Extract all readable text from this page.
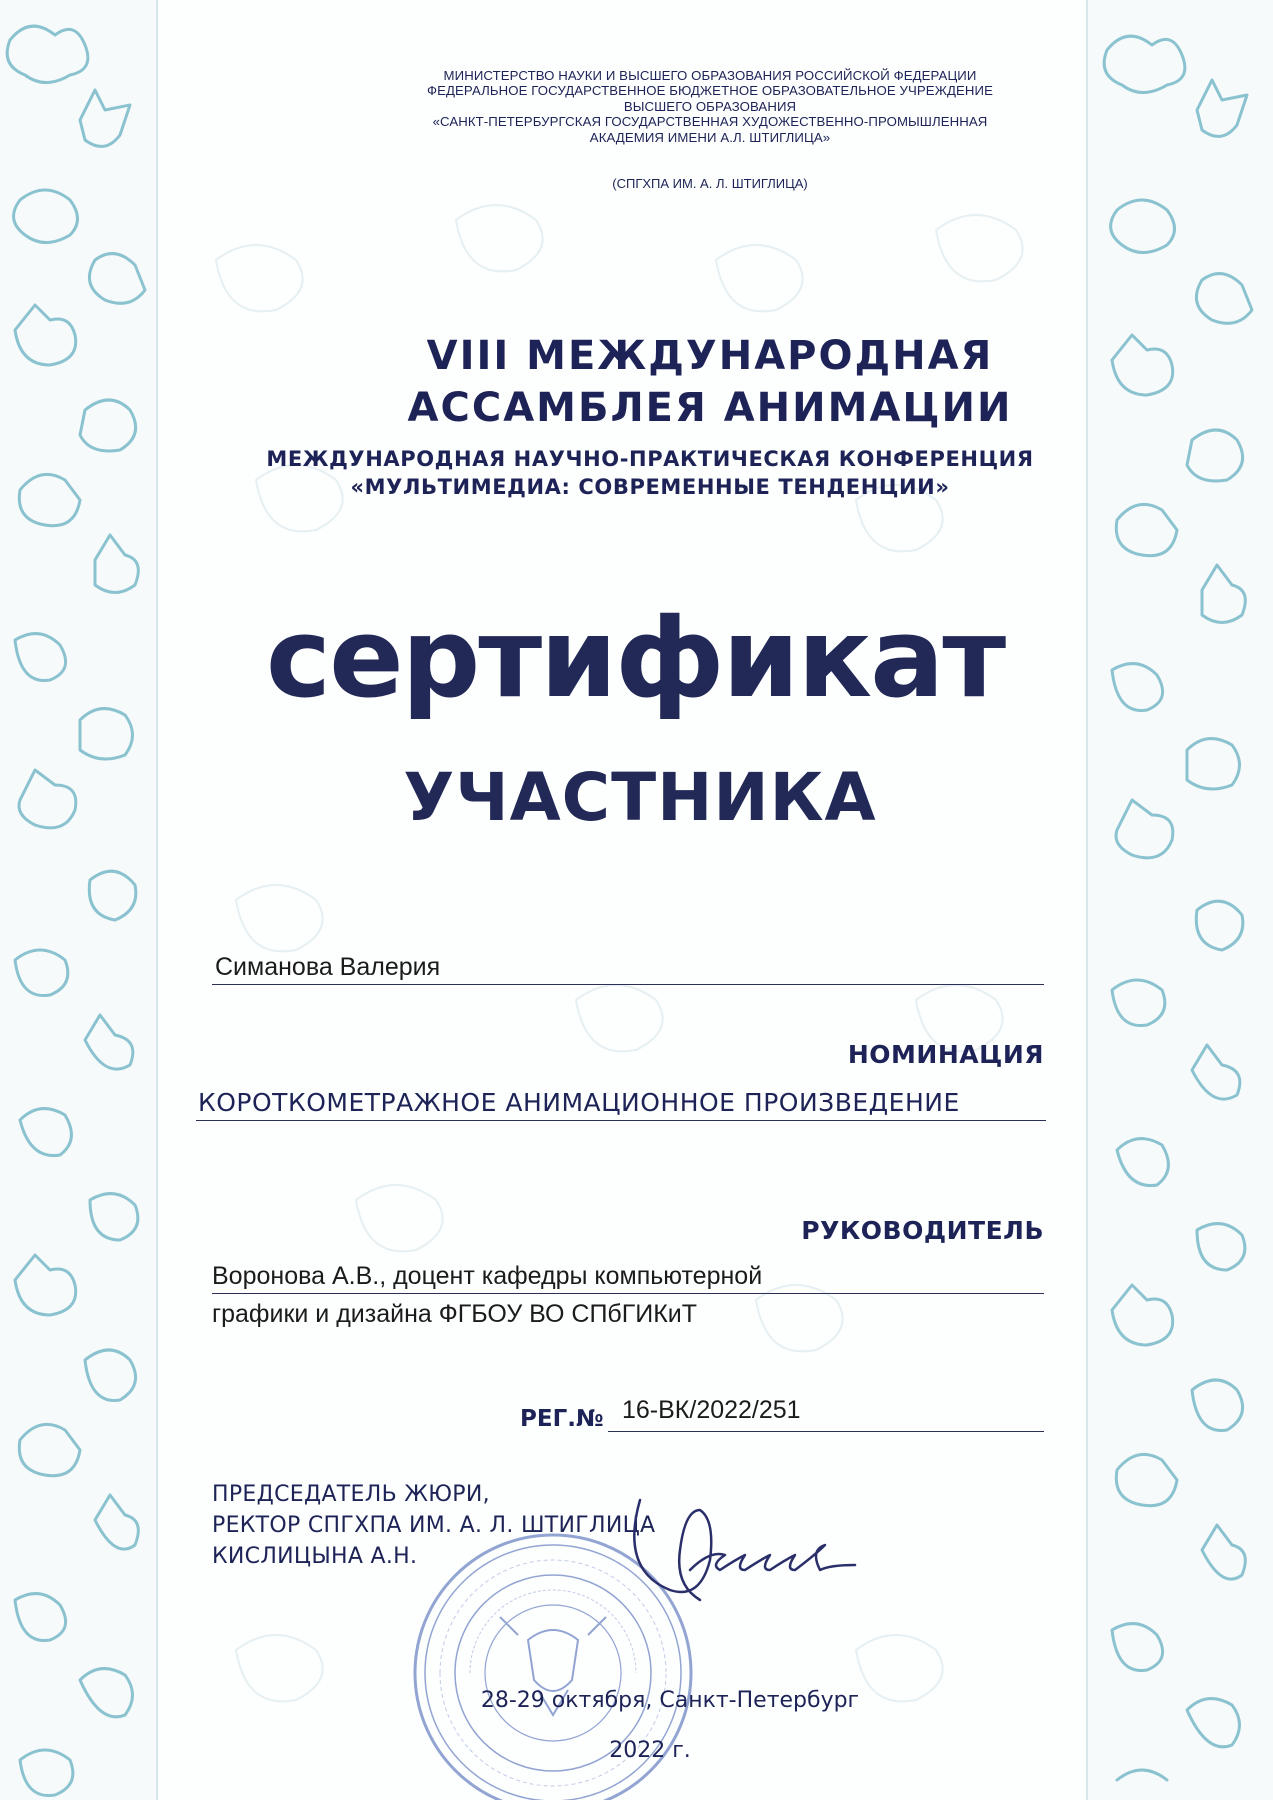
МИНИСТЕРСТВО НАУКИ И ВЫСШЕГО ОБРАЗОВАНИЯ РОССИЙСКОЙ ФЕДЕРАЦИИ
ФЕДЕРАЛЬНОЕ ГОСУДАРСТВЕННОЕ БЮДЖЕТНОЕ ОБРАЗОВАТЕЛЬНОЕ УЧРЕЖДЕНИЕ
ВЫСШЕГО ОБРАЗОВАНИЯ
«САНКТ-ПЕТЕРБУРГСКАЯ ГОСУДАРСТВЕННАЯ ХУДОЖЕСТВЕННО-ПРОМЫШЛЕННАЯ
АКАДЕМИЯ ИМЕНИ А.Л. ШТИГЛИЦА»
(СПГХПА ИМ. А. Л. ШТИГЛИЦА)
VIII МЕЖДУНАРОДНАЯ
АССАМБЛЕЯ АНИМАЦИИ
МЕЖДУНАРОДНАЯ НАУЧНО-ПРАКТИЧЕСКАЯ КОНФЕРЕНЦИЯ
«МУЛЬТИМЕДИА: СОВРЕМЕННЫЕ ТЕНДЕНЦИИ»
сертификат
УЧАСТНИКА
Симанова Валерия
НОМИНАЦИЯ
КОРОТКОМЕТРАЖНОЕ АНИМАЦИОННОЕ ПРОИЗВЕДЕНИЕ
РУКОВОДИТЕЛЬ
Воронова А.В., доцент кафедры компьютерной
графики и дизайна ФГБОУ ВО СПбГИКиТ
РЕГ.№ 16-ВК/2022/251
ПРЕДСЕДАТЕЛЬ ЖЮРИ,
РЕКТОР СПГХПА ИМ. А. Л. ШТИГЛИЦА
КИСЛИЦЫНА А.Н.
28-29 октября, Санкт-Петербург
2022 г.
